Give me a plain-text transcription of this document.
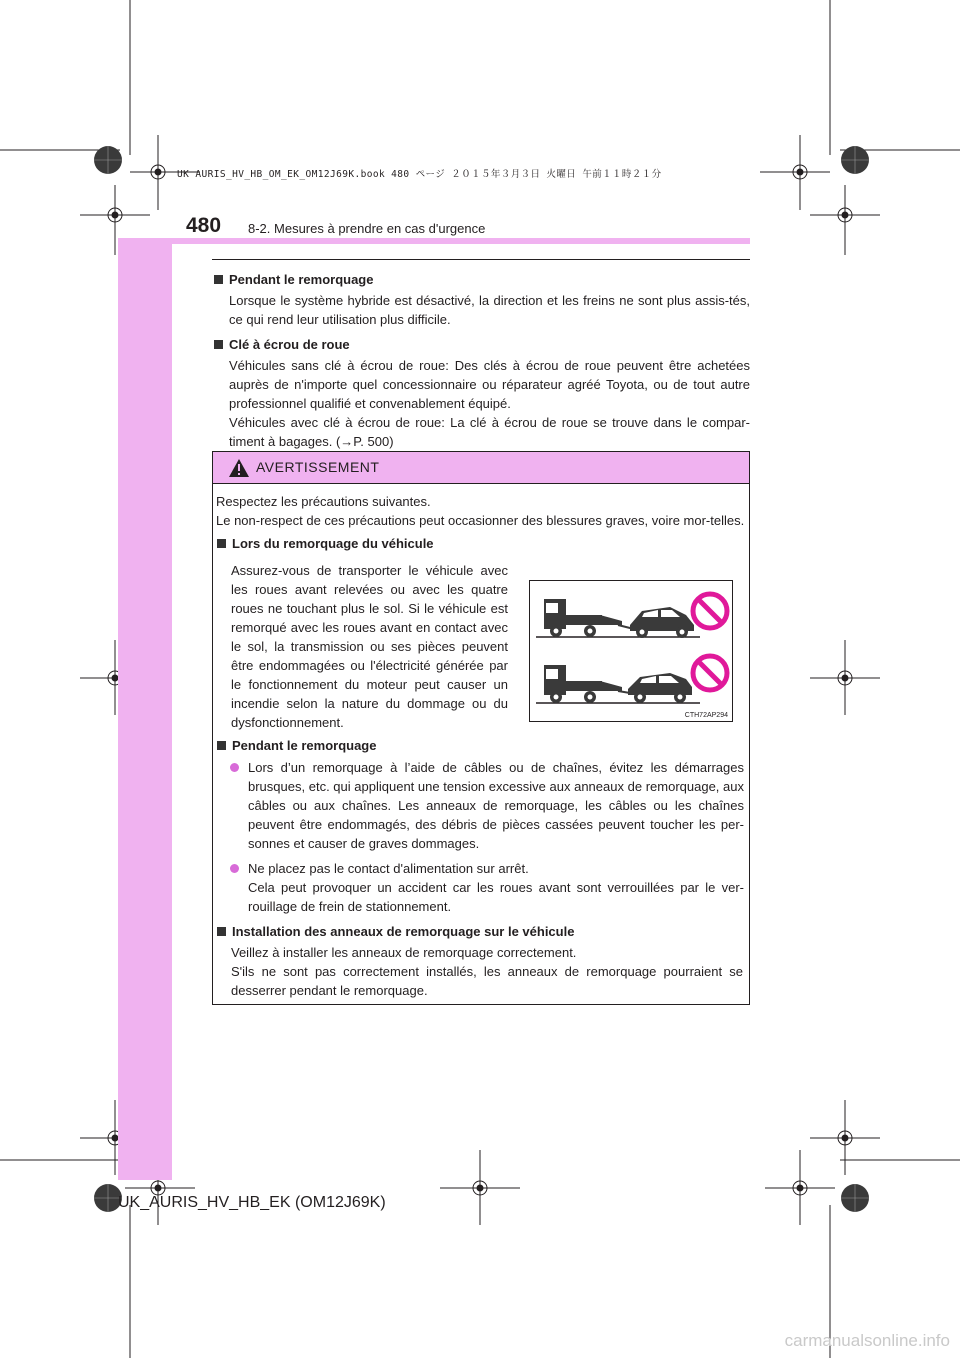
UK AURIS_HV_HB_OM_EK_OM12J69K.book 480 ページ ２０１５年３月３日 火曜日 午前１１時２１分
480 8-2. Mesures à prendre en cas d'urgence
Pendant le remorquage

Lorsque le système hybride est désactivé, la direction et les freins ne sont plus assis-tés, ce qui rend leur utilisation plus difficile.

Clé à écrou de roue

Véhicules sans clé à écrou de roue: Des clés à écrou de roue peuvent être achetées auprès de n'importe quel concessionnaire ou réparateur agréé Toyota, ou de tout autre professionnel qualifié et convenablement équipé.

Véhicules avec clé à écrou de roue: La clé à écrou de roue se trouve dans le compar-timent à bagages. (→P. 500)

AVERTISSEMENT

Respectez les précautions suivantes.

Le non-respect de ces précautions peut occasionner des blessures graves, voire mor-telles.

Lors du remorquage du véhicule
Assurez-vous de transporter le véhicule avec les roues avant relevées ou avec les quatre roues ne touchant plus le sol. Si le véhicule est remorqué avec les roues avant en contact avec le sol, la transmission ou ses pièces peuvent être endommagées ou l'électricité générée par le fonctionnement du moteur peut causer un incendie selon la nature du dommage ou du dysfonctionnement.
Pendant le remorquage

Lors d’un remorquage à l’aide de câbles ou de chaînes, évitez les démarrages brusques, etc. qui appliquent une tension excessive aux anneaux de remorquage, aux câbles ou aux chaînes. Les anneaux de remorquage, les câbles ou les chaînes peuvent être endommagés, des débris de pièces cassées peuvent toucher les per-sonnes et causer de graves dommages.

Ne placez pas le contact d'alimentation sur arrêt.

Cela peut provoquer un accident car les roues avant sont verrouillées par le ver-rouillage de frein de stationnement.

Installation des anneaux de remorquage sur le véhicule

Veillez à installer les anneaux de remorquage correctement.

S'ils ne sont pas correctement installés, les anneaux de remorquage pourraient se desserrer pendant le remorquage.

CTH72AP294
UK_AURIS_HV_HB_EK (OM12J69K)
carmanualsonline.info
